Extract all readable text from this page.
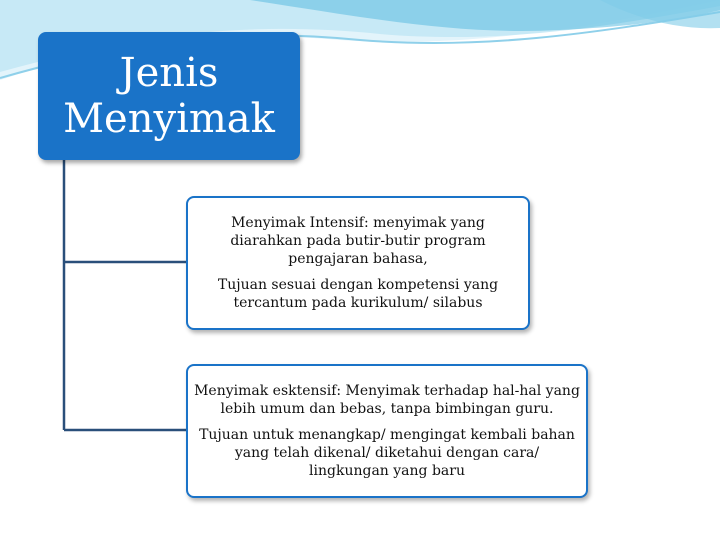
Jenis
Menyimak

Menyimak Intensif: menyimak yang diarahkan pada butir-butir program pengajaran bahasa,

Tujuan sesuai dengan kompetensi yang tercantum pada kurikulum/ silabus

Menyimak esktensif: Menyimak terhadap hal-hal yang lebih umum dan bebas, tanpa bimbingan guru.

Tujuan untuk menangkap/ mengingat kembali bahan yang telah dikenal/ diketahui dengan cara/ lingkungan yang baru
